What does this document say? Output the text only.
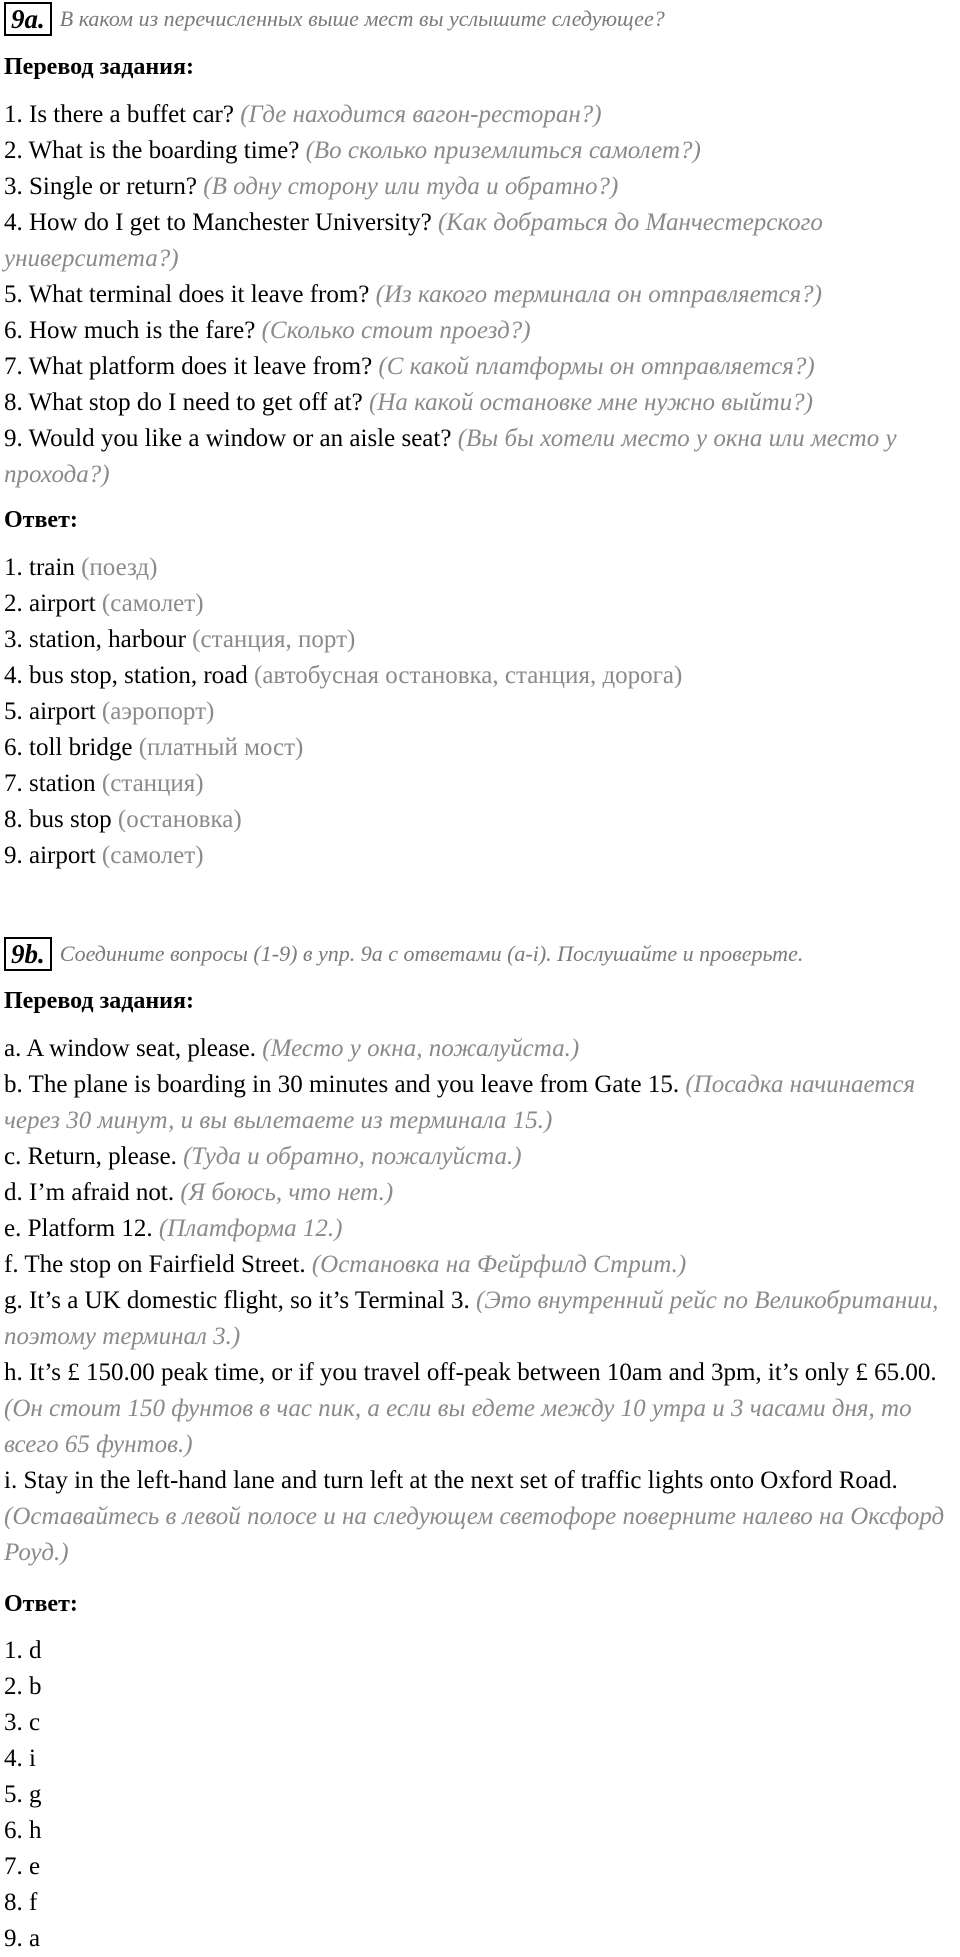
9a. В каком из перечисленных выше мест вы услышите следующее?
Перевод задания:
1. Is there a buffet car? (Где находится вагон-ресторан?)
2. What is the boarding time? (Во сколько приземлиться самолет?)
3. Single or return? (В одну сторону или туда и обратно?)
4. How do I get to Manchester University? (Как добраться до Манчестерского университета?)
5. What terminal does it leave from? (Из какого терминала он отправляется?)
6. How much is the fare? (Сколько стоит проезд?)
7. What platform does it leave from? (С какой платформы он отправляется?)
8. What stop do I need to get off at? (На какой остановке мне нужно выйти?)
9. Would you like a window or an aisle seat? (Вы бы хотели место у окна или место у прохода?)
Ответ:
1. train (поезд)
2. airport (самолет)
3. station, harbour (станция, порт)
4. bus stop, station, road (автобусная остановка, станция, дорога)
5. airport (аэропорт)
6. toll bridge (платный мост)
7. station (станция)
8. bus stop (остановка)
9. airport (самолет)
9b. Соедините вопросы (1-9) в упр. 9а с ответами (a-i). Послушайте и проверьте.
Перевод задания:
a. A window seat, please. (Место у окна, пожалуйста.)
b. The plane is boarding in 30 minutes and you leave from Gate 15. (Посадка начинается через 30 минут, и вы вылетаете из терминала 15.)
c. Return, please. (Туда и обратно, пожалуйста.)
d. I’m afraid not. (Я боюсь, что нет.)
e. Platform 12. (Платформа 12.)
f. The stop on Fairfield Street. (Остановка на Фейрфилд Стрит.)
g. It’s a UK domestic flight, so it’s Terminal 3. (Это внутренний рейс по Великобритании, поэтому терминал 3.)
h. It’s £ 150.00 peak time, or if you travel off-peak between 10am and 3pm, it’s only £ 65.00. (Он стоит 150 фунтов в час пик, а если вы едете между 10 утра и 3 часами дня, то всего 65 фунтов.)
i. Stay in the left-hand lane and turn left at the next set of traffic lights onto Oxford Road. (Оставайтесь в левой полосе и на следующем светофоре поверните налево на Оксфорд Роуд.)
Ответ:
1. d
2. b
3. c
4. i
5. g
6. h
7. e
8. f
9. a
